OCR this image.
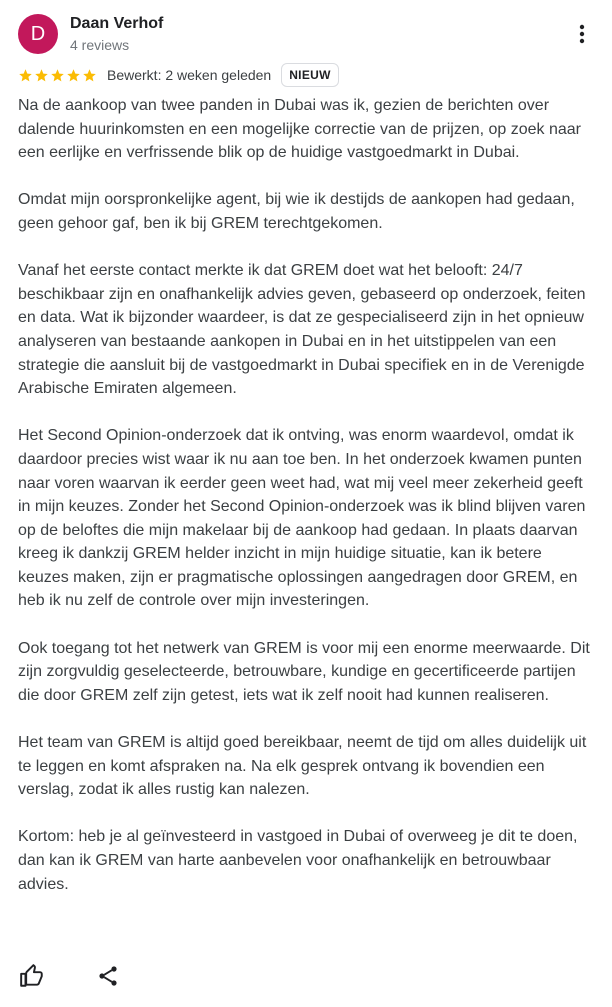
D	Daan Verhof
4 reviews
Bewerkt: 2 weken geleden	NIEUW

Na de aankoop van twee panden in Dubai was ik, gezien de berichten over dalende huurinkomsten en een mogelijke correctie van de prijzen, op zoek naar een eerlijke en verfrissende blik op de huidige vastgoedmarkt in Dubai.

Omdat mijn oorspronkelijke agent, bij wie ik destijds de aankopen had gedaan, geen gehoor gaf, ben ik bij GREM terechtgekomen.

Vanaf het eerste contact merkte ik dat GREM doet wat het belooft: 24/7 beschikbaar zijn en onafhankelijk advies geven, gebaseerd op onderzoek, feiten en data. Wat ik bijzonder waardeer, is dat ze gespecialiseerd zijn in het opnieuw analyseren van bestaande aankopen in Dubai en in het uitstippelen van een strategie die aansluit bij de vastgoedmarkt in Dubai specifiek en in de Verenigde Arabische Emiraten algemeen.

Het Second Opinion-onderzoek dat ik ontving, was enorm waardevol, omdat ik daardoor precies wist waar ik nu aan toe ben. In het onderzoek kwamen punten naar voren waarvan ik eerder geen weet had, wat mij veel meer zekerheid geeft in mijn keuzes. Zonder het Second Opinion-onderzoek was ik blind blijven varen op de beloftes die mijn makelaar bij de aankoop had gedaan. In plaats daarvan kreeg ik dankzij GREM helder inzicht in mijn huidige situatie, kan ik betere keuzes maken, zijn er pragmatische oplossingen aangedragen door GREM, en heb ik nu zelf de controle over mijn investeringen.

Ook toegang tot het netwerk van GREM is voor mij een enorme meerwaarde. Dit zijn zorgvuldig geselecteerde, betrouwbare, kundige en gecertificeerde partijen die door GREM zelf zijn getest, iets wat ik zelf nooit had kunnen realiseren.

Het team van GREM is altijd goed bereikbaar, neemt de tijd om alles duidelijk uit te leggen en komt afspraken na. Na elk gesprek ontvang ik bovendien een verslag, zodat ik alles rustig kan nalezen.

Kortom: heb je al geïnvesteerd in vastgoed in Dubai of overweeg je dit te doen, dan kan ik GREM van harte aanbevelen voor onafhankelijk en betrouwbaar advies.
